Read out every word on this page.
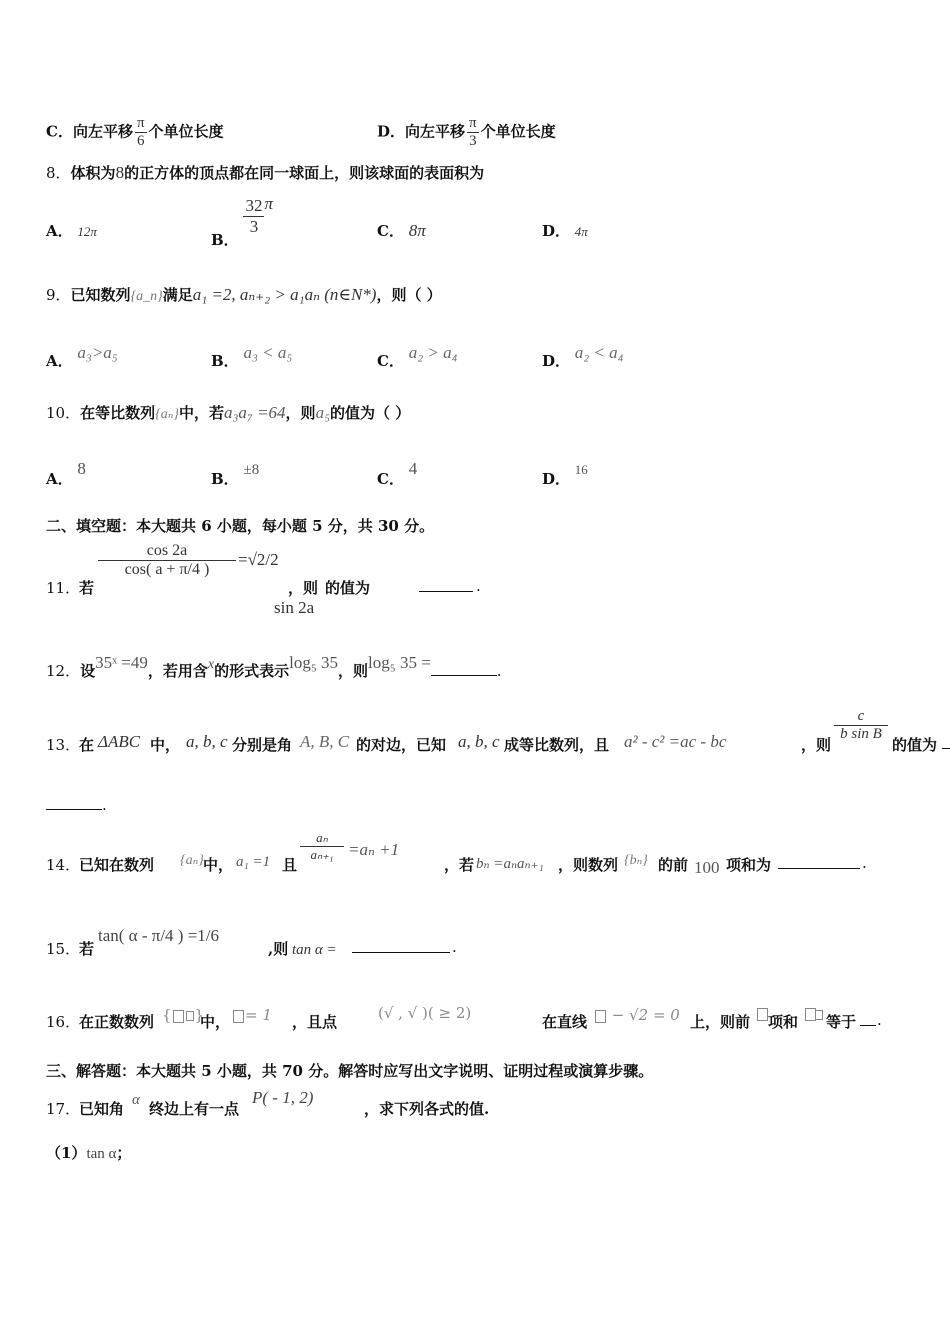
C．向左平移 $\frac{\pi}{6}$ 个单位长度	D．向左平移 $\frac{\pi}{3}$ 个单位长度
8．体积为8的正方体的顶点都在同一球面上，则该球面的表面积为
A． 12π	B．
$\frac{32}{3}$ π
C． 8π	D． 4π
9．已知数列{a_n}满足a₁ =2, aₙ₊₂ > a₁aₙ (n∈N*)，则（ ）
A． a₃>a₅	B． a₃ < a₅	C． a₂ > a₄	D． a₂ < a₄
10．在等比数列{aₙ}中，若a₃a₇ =64，则a₅的值为（ ）
A． 8
B． ±8	C． 4
D． 16
二、填空题：本大题共 6 小题，每小题 5 分，共 30 分。
11．
若
$\frac{\cos 2a}{\cos( a + \pi/4 )} =√2/2$
，则
sin 2a
的值为	.
12．设35ˣ =49，若用含x的形式表示log₅ 35，则log₅ 35 =	.
13．
在 ΔABC 中， a, b, c 分别是角 A, B, C 的对边，已知 a, b, c 成等比数列，且 a² - c² =ac - bc	，则
$\frac{c}{\text{b sin B}}$
的值为
.
14．
已知在数列 {aₙ} 中， a₁ =1 且
$\frac{\text{aₙ}}{\text{aₙ₊₁}} =a_n +1$
，若 bₙ =aₙaₙ₊₁ ，则数列 {bₙ} 的前 100 项和为	.
15．
若
tan( α - π/4 ) =1/6
,则 tan α =	.
16．
在正数数列 { }
中， = 1 ，且点	(√ , √ )( ≥ 2)	在直线	− √2 = 0 上，则前 项和 等于 .
三、解答题：本大题共 5 小题，共 70 分。解答时应写出文字说明、证明过程或演算步骤。
17．
已知角 α 终边上有一点
P( - 1, 2)
，求下列各式的值.
（1）tan α；
